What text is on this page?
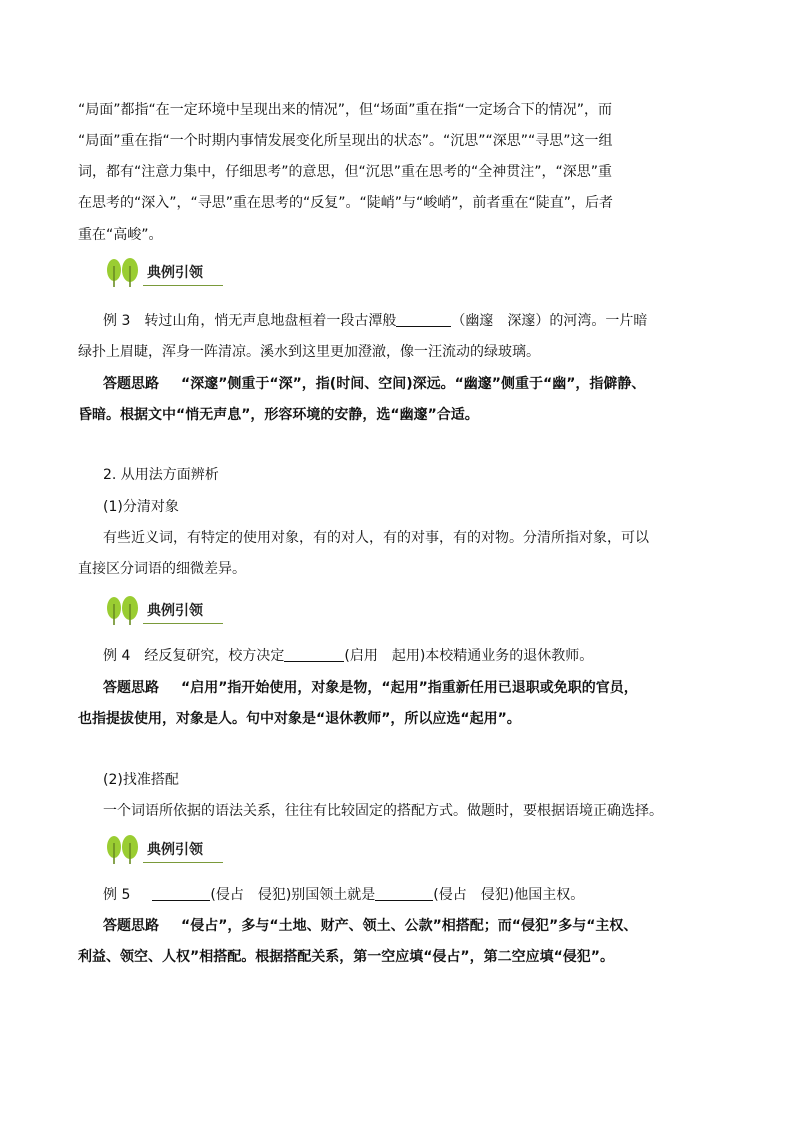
“局面”都指“在一定环境中呈现出来的情况”，但“场面”重在指“一定场合下的情况”，而
“局面”重在指“一个时期内事情发展变化所呈现出的状态”。“沉思”“深思”“寻思”这一组
词，都有“注意力集中，仔细思考”的意思，但“沉思”重在思考的“全神贯注”，“深思”重
在思考的“深入”，“寻思”重在思考的“反复”。“陡峭”与“峻峭”，前者重在“陡直”，后者
重在“高峻”。
典例引领
例 3　转过山角，悄无声息地盘桓着一段古潭般	（幽邃　深邃）的河湾。一片暗
绿扑上眉睫，浑身一阵清凉。溪水到这里更加澄澈，像一汪流动的绿玻璃。
答题思路 “深邃”侧重于“深”，指(时间、空间)深远。“幽邃”侧重于“幽”，指僻静、
昏暗。根据文中“悄无声息”，形容环境的安静，选“幽邃”合适。
2. 从用法方面辨析
(1)分清对象
有些近义词，有特定的使用对象，有的对人，有的对事，有的对物。分清所指对象，可以
直接区分词语的细微差异。
典例引领
例 4　经反复研究，校方决定	(启用　起用)本校精通业务的退休教师。
答题思路 “启用”指开始使用，对象是物，“起用”指重新任用已退职或免职的官员，
也指提拔使用，对象是人。句中对象是“退休教师”，所以应选“起用”。
(2)找准搭配
一个词语所依据的语法关系，往往有比较固定的搭配方式。做题时，要根据语境正确选择。
典例引领
例 5	(侵占　侵犯)别国领土就是	(侵占　侵犯)他国主权。
答题思路 “侵占”，多与“土地、财产、领土、公款”相搭配；而“侵犯”多与“主权、
利益、领空、人权”相搭配。根据搭配关系，第一空应填“侵占”，第二空应填“侵犯”。
